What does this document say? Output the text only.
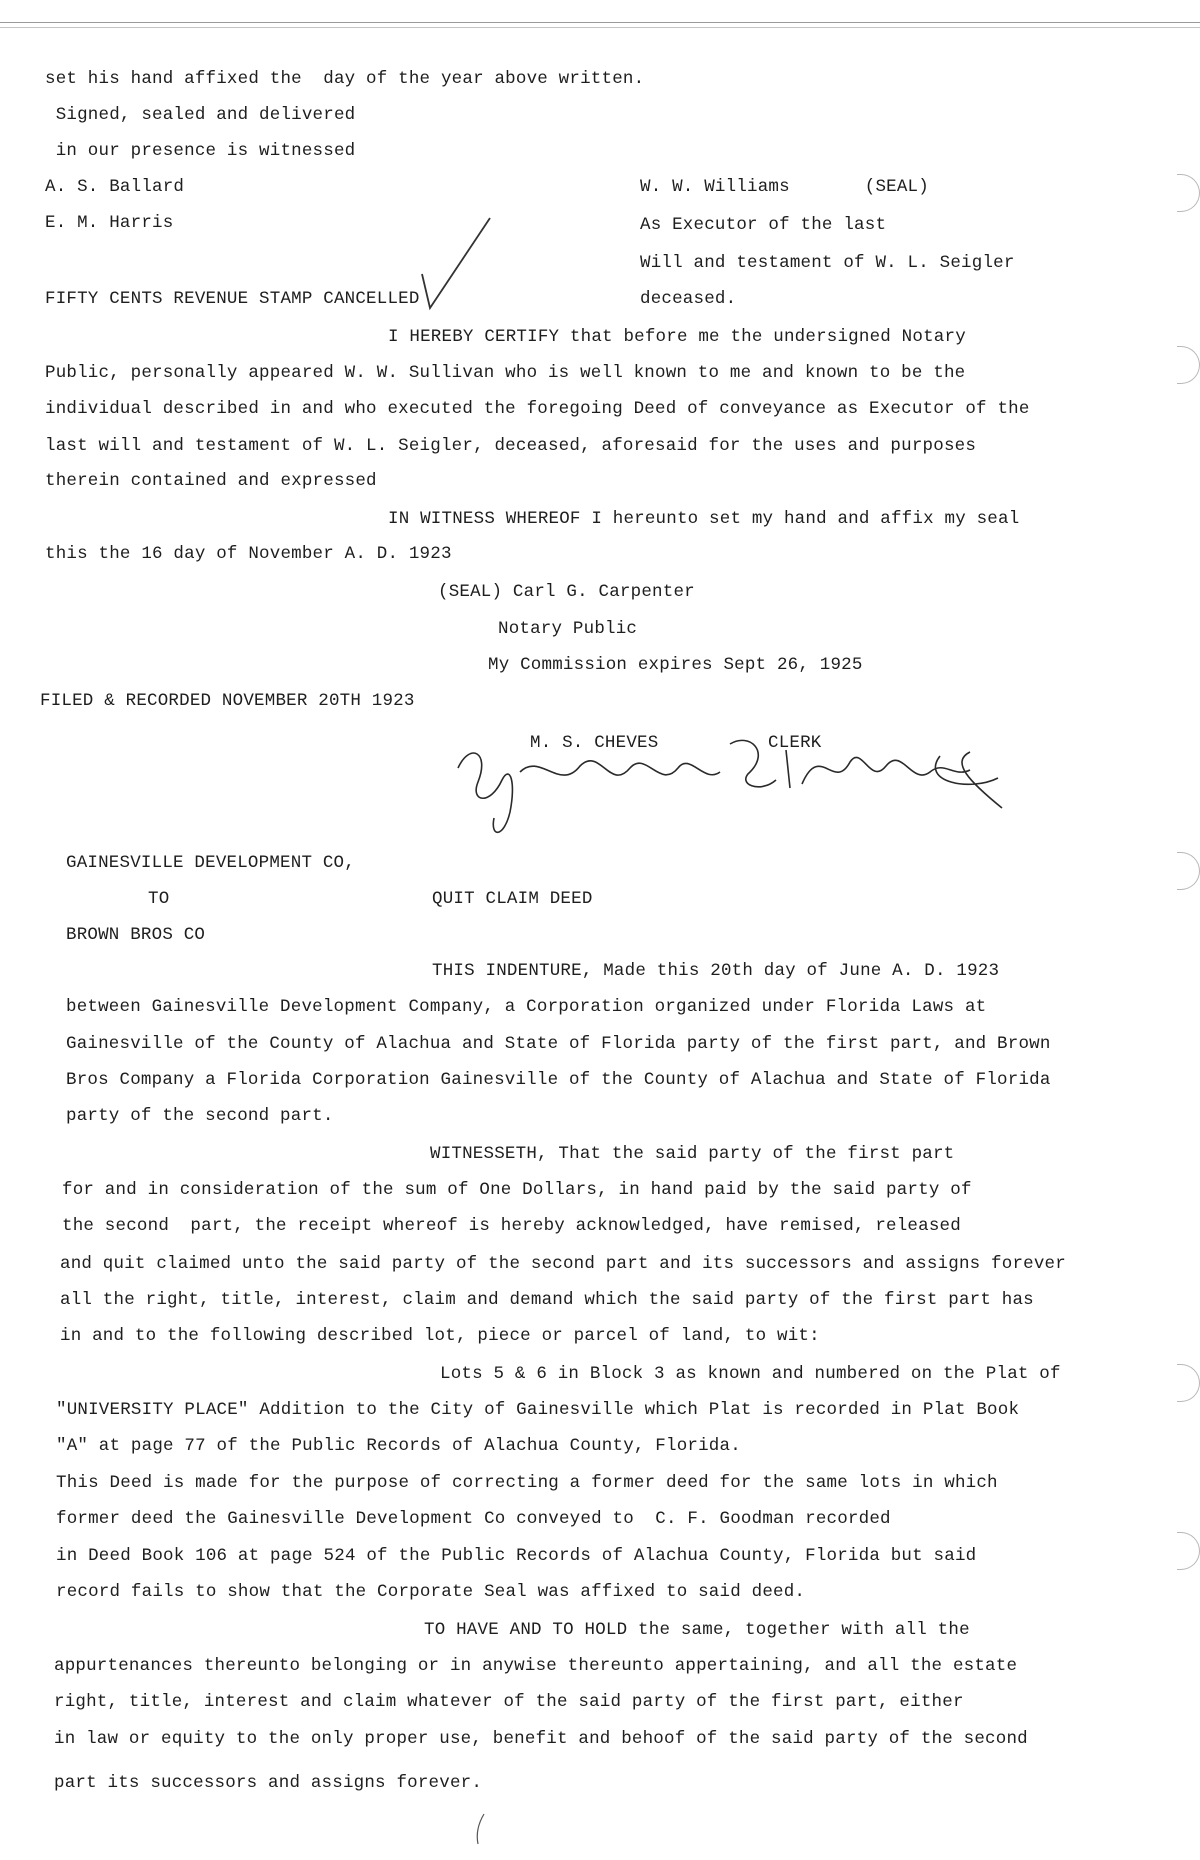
set his hand affixed the  day of the year above written.
Signed, sealed and delivered
in our presence is witnessed
A. S. Ballard
E. M. Harris
W. W. Williams       (SEAL)
As Executor of the last
Will and testament of W. L. Seigler
deceased.
FIFTY CENTS REVENUE STAMP CANCELLED
I HEREBY CERTIFY that before me the undersigned Notary
Public, personally appeared W. W. Sullivan who is well known to me and known to be the
individual described in and who executed the foregoing Deed of conveyance as Executor of the
last will and testament of W. L. Seigler, deceased, aforesaid for the uses and purposes
therein contained and expressed
IN WITNESS WHEREOF I hereunto set my hand and affix my seal
this the 16 day of November A. D. 1923
(SEAL) Carl G. Carpenter
Notary Public
My Commission expires Sept 26, 1925
FILED & RECORDED NOVEMBER 20TH 1923
M. S. CHEVES	CLERK
GAINESVILLE DEVELOPMENT CO,
TO	QUIT CLAIM DEED
BROWN BROS CO
THIS INDENTURE, Made this 20th day of June A. D. 1923
between Gainesville Development Company, a Corporation organized under Florida Laws at
Gainesville of the County of Alachua and State of Florida party of the first part, and Brown
Bros Company a Florida Corporation Gainesville of the County of Alachua and State of Florida
party of the second part.
WITNESSETH, That the said party of the first part
for and in consideration of the sum of One Dollars, in hand paid by the said party of
the second  part, the receipt whereof is hereby acknowledged, have remised, released
and quit claimed unto the said party of the second part and its successors and assigns forever
all the right, title, interest, claim and demand which the said party of the first part has
in and to the following described lot, piece or parcel of land, to wit:
Lots 5 & 6 in Block 3 as known and numbered on the Plat of
"UNIVERSITY PLACE" Addition to the City of Gainesville which Plat is recorded in Plat Book
"A" at page 77 of the Public Records of Alachua County, Florida.
This Deed is made for the purpose of correcting a former deed for the same lots in which
former deed the Gainesville Development Co conveyed to  C. F. Goodman recorded
in Deed Book 106 at page 524 of the Public Records of Alachua County, Florida but said
record fails to show that the Corporate Seal was affixed to said deed.
TO HAVE AND TO HOLD the same, together with all the
appurtenances thereunto belonging or in anywise thereunto appertaining, and all the estate
right, title, interest and claim whatever of the said party of the first part, either
in law or equity to the only proper use, benefit and behoof of the said party of the second
part its successors and assigns forever.
